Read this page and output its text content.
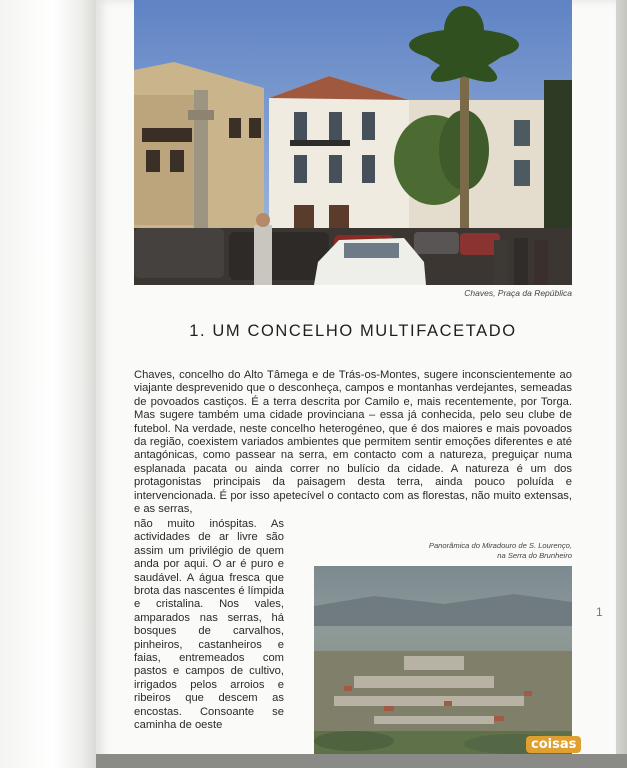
Chaves, Praça da República
1. UM CONCELHO MULTIFACETADO
Chaves, concelho do Alto Tâmega e de Trás-os-Montes, sugere inconscientemente ao viajante desprevenido que o desconheça, campos e montanhas verdejantes, semeadas de povoados castiços. É a terra descrita por Camilo e, mais recentemente, por Torga. Mas sugere também uma cidade provinciana – essa já conhecida, pelo seu clube de futebol. Na verdade, neste concelho heterogéneo, que é dos maiores e mais povoados da região, coexistem variados ambientes que permitem sentir emoções diferentes e até antagónicas, como passear na serra, em contacto com a natureza, preguiçar numa esplanada pacata ou ainda correr no bulício da cidade. A natureza é um dos protagonistas principais da paisagem desta terra, ainda pouco poluída e intervencionada. É por isso apetecível o contacto com as florestas, não muito extensas, e as serras,
não muito inóspitas. As actividades de ar livre são assim um privilégio de quem anda por aqui. O ar é puro e saudável. A água fresca que brota das nascentes é límpida e cristalina. Nos vales, amparados nas serras, há bosques de carvalhos, pinheiros, castanheiros e faias, entremeados com pastos e campos de cultivo, irrigados pelos arroios e ribeiros que descem as encostas. Consoante se caminha de oeste
Panorâmica do Miradouro de S. Lourenço,
na Serra do Brunheiro
1
coisas
